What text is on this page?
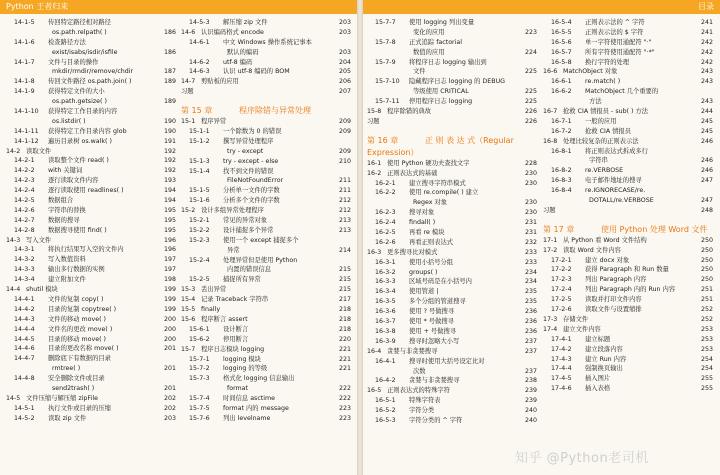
Python 王者归来
14-1-5 传回特定路径相对路径
os.path.relpath( )	186
14-1-6 检查路径方法
exist/isabs/isdir/isfile	186
14-1-7 文件与目录的操作
mkdir/rmdir/remove/chdir	187
14-1-8 传回文件路径 os.path.join( )	189
14-1-9 获得特定文件的大小
os.path.getsize( )	189
14-1-10 获得特定工作目录的内容
os.listdir( )	190
14-1-11 获得特定工作目录内容 glob	190
14-1-12 遍历目录树 os.walk( )	191
14-2 读取文件	192
14-2-1 读取整个文件 read( )	192
14-2-2 with 关键词	192
14-2-3 逐行读取文件内容	193
14-2-4 逐行读取使用 readlines( )	194
14-2-5 数据组合	194
14-2-6 字符串的替换	195
14-2-7 数据的搜寻	195
14-2-8 数据搜寻使用 find( )	195
14-3 写入文件	196
14-3-1 将执行结果写入空的文件内	196
14-3-2 写入数值资料	197
14-3-3 输出多行数据的实例	197
14-3-4 建立附加文件	198
14-4 shutil 模块	199
14-4-1 文件的复制 copy( )	199
14-4-2 目录的复制 copytree( )	199
14-4-3 文件的移动 move( )	200
14-4-4 文件名的更改 move( )	200
14-4-5 目录的移动 move( )	200
14-4-6 目录的更改名称 move( )	201
14-4-7 删除底下有数据的目录
rmtree( )	201
14-4-8 安全删除文件或目录
send2trash( )	201
14-5 文件压缩与解压缩 zipFile	202
14-5-1 执行文件或目录的压缩	202
14-5-2 读取 zip 文件	203
14-5-3 解压缩 zip 文件	203
14-6 认识编码格式 encode	203
14-6-1 中文 Windows 操作系统记事本
默认的编码	203
14-6-2 utf-8 编码	204
14-6-3 认识 utf-8 编码的 BOM	205
14-7 剪贴板的应用	206
习题	207
第 15 章	程序除错与异常处理
15-1 程序异常	209
15-1-1 一个除数为 0 的错误	209
15-1-2 撰写异常处理程序
try - except	209
15-1-3 try - except - else	210
15-1-4 找不到文件的错误
FileNotFoundError	211
15-1-5 分析单一文件的字数	211
15-1-6 分析多个文件的字数	212
15-2 设计多组异常处理程序	212
15-2-1 常见的异常对象	213
15-2-2 设计捕捉多个异常	213
15-2-3 使用一个 except 捕捉多个
异常	214
15-2-4 处理异常但是使用 Python
内置的错误信息	215
15-2-5 捕捉所有异常	215
15-3 丢出异常	215
15-4 记录 Traceback 字符串	217
15-5 finally	218
15-6 程序断言 assert	218
15-6-1 设计断言	218
15-6-2 停用断言	220
15-7 程序日志模块 logging	221
15-7-1 logging 模块	221
15-7-2 logging 的等级	221
15-7-3 格式化 logging 信息输出
format	222
15-7-4 时间信息 asctime	222
15-7-5 format 内的 message	223
15-7-6 列出 levelname	223
目录
15-7-7 使用 logging 列出变量
变化的应用	223
15-7-8 正式追踪 factorial
数值的应用	224
15-7-9 将程序日志 logging 输出到
文件	225
15-7-10 隐藏程序日志 logging 的 DEBUG
等级使用 CRITICAL	225
15-7-11 停用程序日志 logging	225
15-8 程序除错的典故	226
习题	226
第 16 章	正 则 表 达 式（Regular
Expression）
16-1 使用 Python 硬功夫查找文字	228
16-2 正则表达式的基础	230
16-2-1 建立搜寻字符串模式	230
16-2-2 使用 re.compile( ) 建立
Regex 对象	230
16-2-3 搜寻对象	230
16-2-4 findall( )	231
16-2-5 再看 re 模块	231
16-2-6 再看正则表达式	232
16-3 更多搜寻比对模式	233
16-3-1 使用小括号分组	233
16-3-2 groups( )	234
16-3-3 区域号码是在小括号内	234
16-3-4 使用管道 |	235
16-3-5 多个分组的管道搜寻	235
16-3-6 使用 ? 号做搜寻	236
16-3-7 使用 * 号做搜寻	236
16-3-8 使用 + 号做搜寻	236
16-3-9 搜寻时忽略大小写	237
16-4 贪婪与非贪婪搜寻	237
16-4-1 搜寻时使用大括号设定比对
次数	237
16-4-2 贪婪与非贪婪搜寻	238
16-5 正则表达式的特殊字符	239
16-5-1 特殊字符表	239
16-5-2 字符分类	240
16-5-3 字符分类的 ^ 字符	240
16-5-4 正则表示法的 ^ 字符	241
16-5-5 正则表示法的 $ 字符	241
16-5-6 单一字符使用通配符 "·"	242
16-5-7 所有字符使用通配符 "·*"	242
16-5-8 换行字符的处理	242
16-6 MatchObject 对象	243
16-6-1 re.match( )	243
16-6-2 MatchObject 几个重要的
方法	243
16-7 抢救 CIA 情报员 - sub( ) 方法	244
16-7-1 一般的应用	245
16-7-2 抢救 CIA 情报员	245
16-8 处理比较复杂的正则表示法	246
16-8-1 将正则表达式拆成多行
字符串	246
16-8-2 re.VERBOSE	246
16-8-3 电子邮件地址的搜寻	247
16-8-4 re.IGNORECASE/re.
DOTALL/re.VERBOSE	247
习题	248
第 17 章	使用 Python 处理 Word 文件
17-1 从 Python 看 Word 文件结构	250
17-2 读取 Word 文件内容	250
17-2-1 建立 docx 对象	250
17-2-2 获得 Paragraph 和 Run 数量	250
17-2-3 列出 Paragraph 内容	250
17-2-4 列出 Paragraph 内的 Run 内容	251
17-2-5 读取并打印文件内容	251
17-2-6 读取文件与设置缩排	252
17-3 存储文件	252
17-4 建立文件内容	253
17-4-1 建立标题	253
17-4-2 建立段落内容	253
17-4-3 建立 Run 内容	254
17-4-4 强制换页输出	254
17-4-5 插入图片	255
17-4-6 插入表格	255
知乎 @Python老司机
